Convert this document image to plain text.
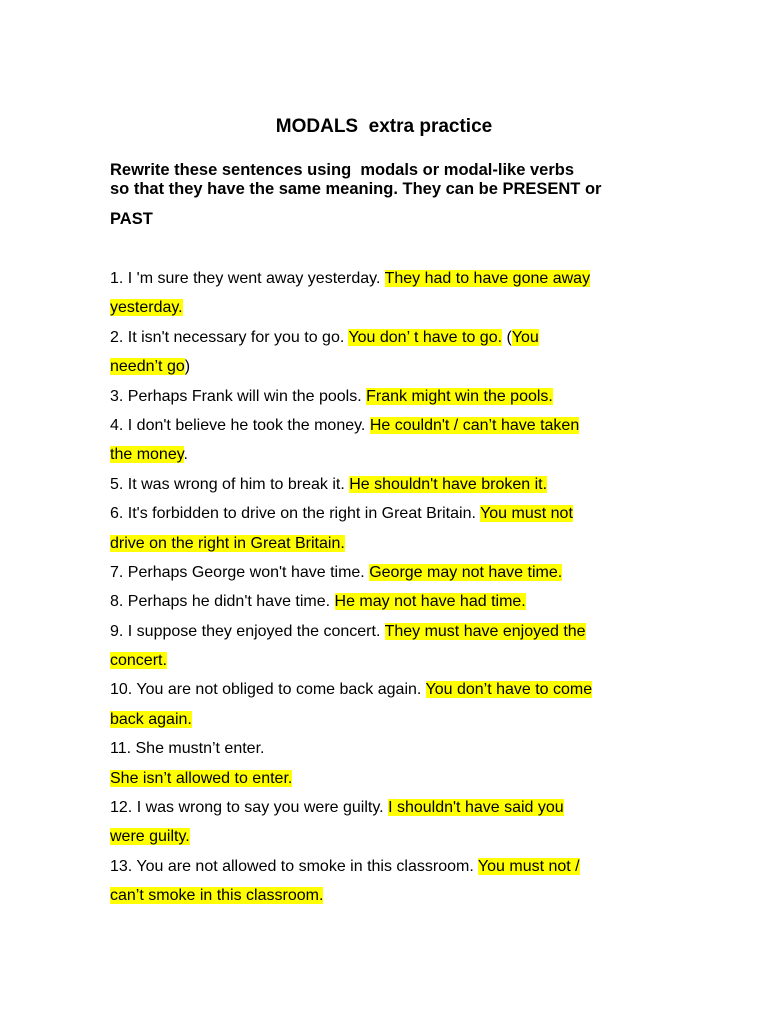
MODALS  extra practice
Rewrite these sentences using  modals or modal-like verbs
so that they have the same meaning. They can be PRESENT or
PAST
1. I 'm sure they went away yesterday. They had to have gone away
yesterday.
2. It isn't necessary for you to go. You don’ t have to go. (You
needn’t go)
3. Perhaps Frank will win the pools. Frank might win the pools.
4. I don't believe he took the money. He couldn't / can’t have taken
the money.
5. It was wrong of him to break it. He shouldn't have broken it.
6. It's forbidden to drive on the right in Great Britain. You must not
drive on the right in Great Britain.
7. Perhaps George won't have time. George may not have time.
8. Perhaps he didn't have time. He may not have had time.
9. I suppose they enjoyed the concert. They must have enjoyed the
concert.
10. You are not obliged to come back again. You don’t have to come
back again.
11. She mustn’t enter.
She isn’t allowed to enter.
12. I was wrong to say you were guilty. I shouldn't have said you
were guilty.
13. You are not allowed to smoke in this classroom. You must not /
can’t smoke in this classroom.
